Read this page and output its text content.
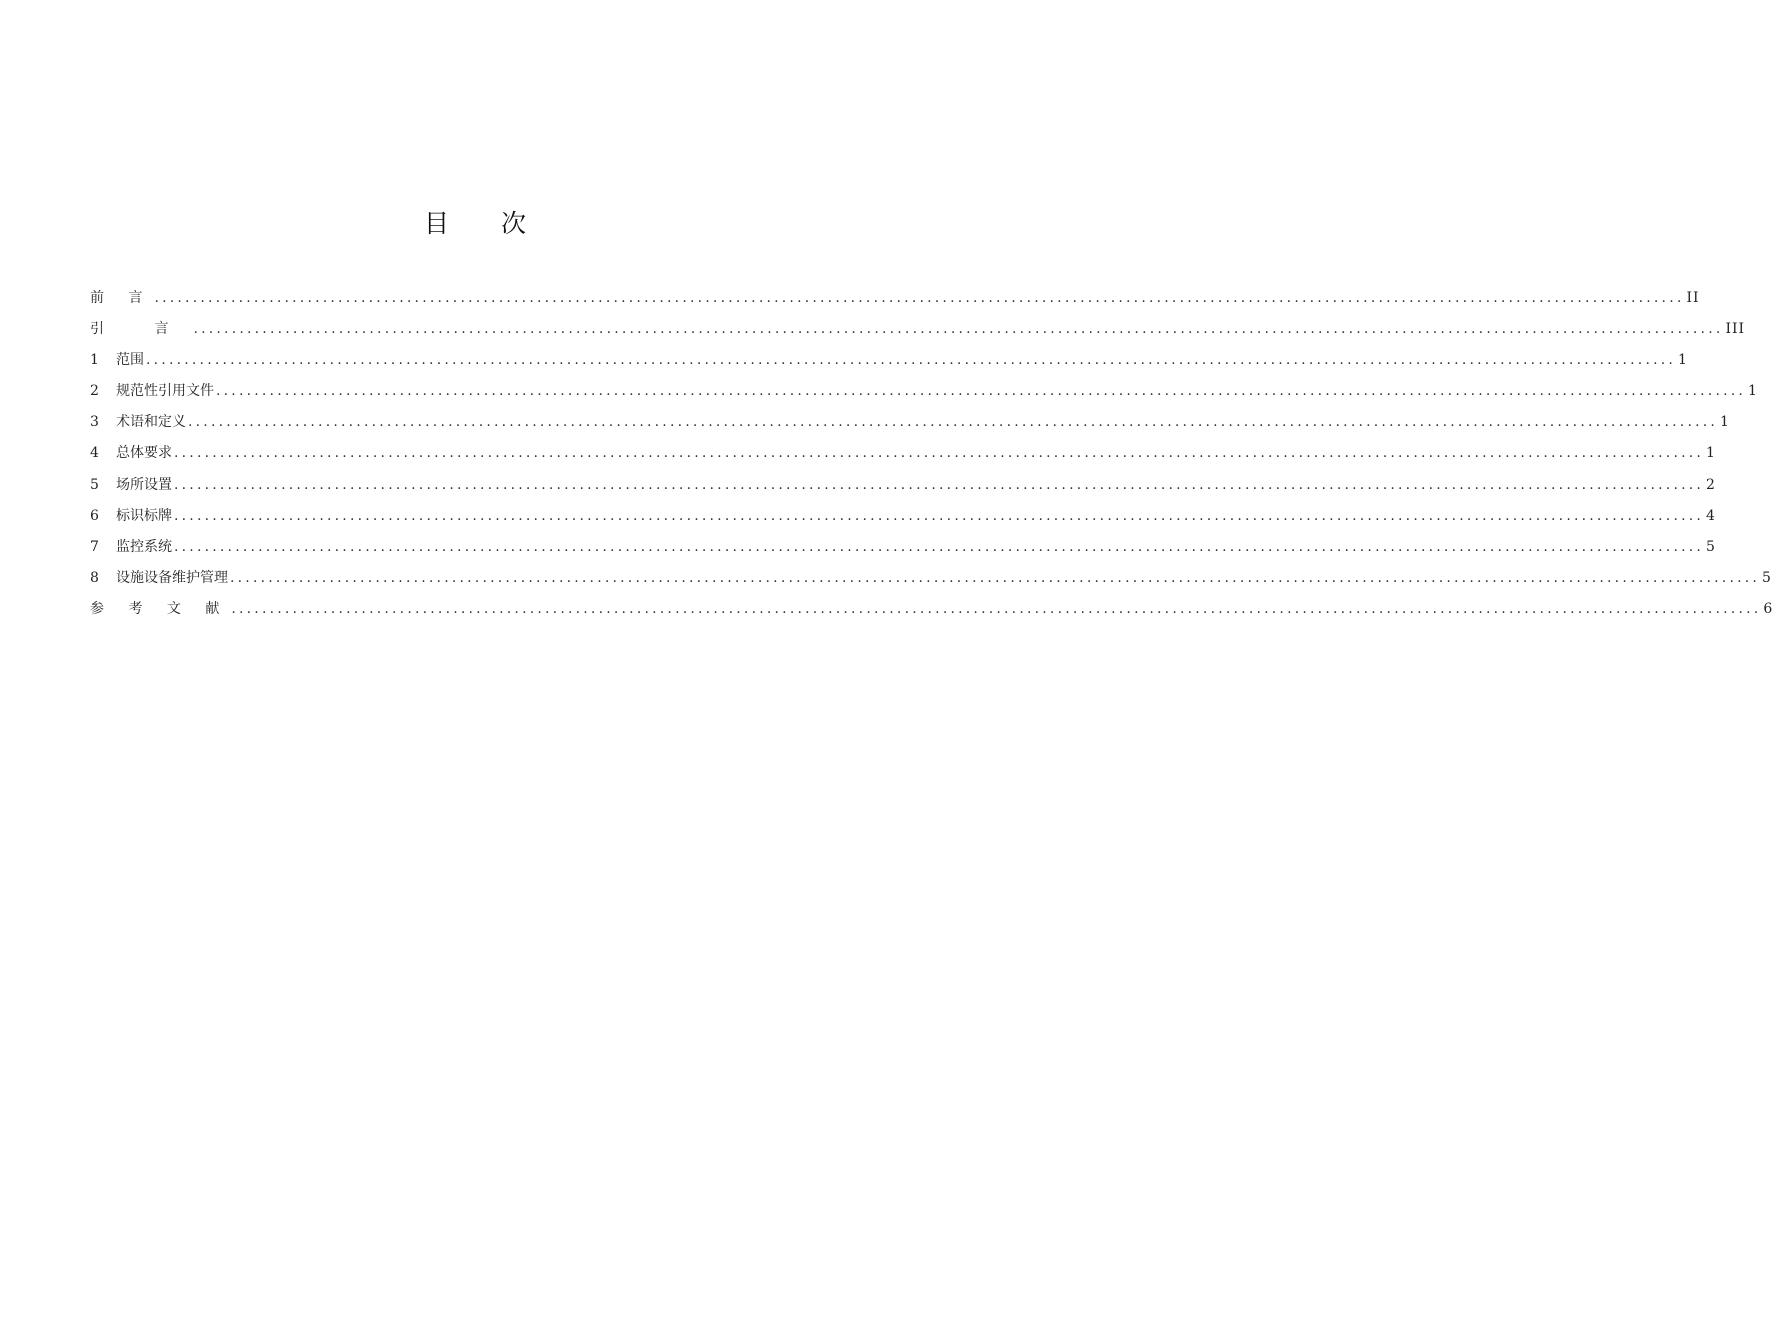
目 次
前 言 ........................................................................................................................................................................................................ II
引 言 ........................................................................................................................................................................................................ III
1	范围 ........................................................................................................................................................................................................ 1
2	规范性引用文件 ........................................................................................................................................................................................................ 1
3	术语和定义 ........................................................................................................................................................................................................ 1
4	总体要求 ........................................................................................................................................................................................................ 1
5	场所设置 ........................................................................................................................................................................................................ 2
6	标识标牌 ........................................................................................................................................................................................................ 4
7	监控系统 ........................................................................................................................................................................................................ 5
8	设施设备维护管理 ........................................................................................................................................................................................................ 5
参 考 文 献 ........................................................................................................................................................................................................ 6
